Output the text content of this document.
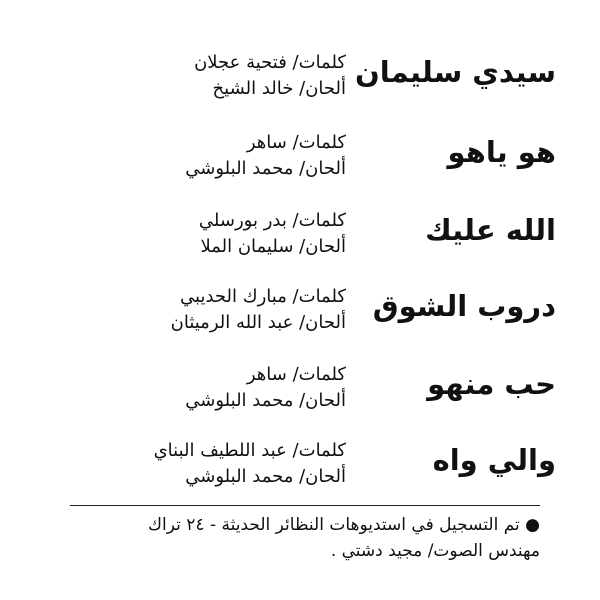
سيدي سليمان
كلمات/ فتحية عجلان
ألحان/ خالد الشيخ
هو ياهو
كلمات/ ساهر
ألحان/ محمد البلوشي
الله عليك
كلمات/ بدر بورسلي
ألحان/ سليمان الملا
دروب الشوق
كلمات/ مبارك الحديبي
ألحان/ عبد الله الرميثان
حب منهو
كلمات/ ساهر
ألحان/ محمد البلوشي
والي واه
كلمات/ عبد اللطيف البناي
ألحان/ محمد البلوشي
● تم التسجيل في استديوهات النظائر الحديثة - ٢٤ تراك
مهندس الصوت/ مجيد دشتي .
